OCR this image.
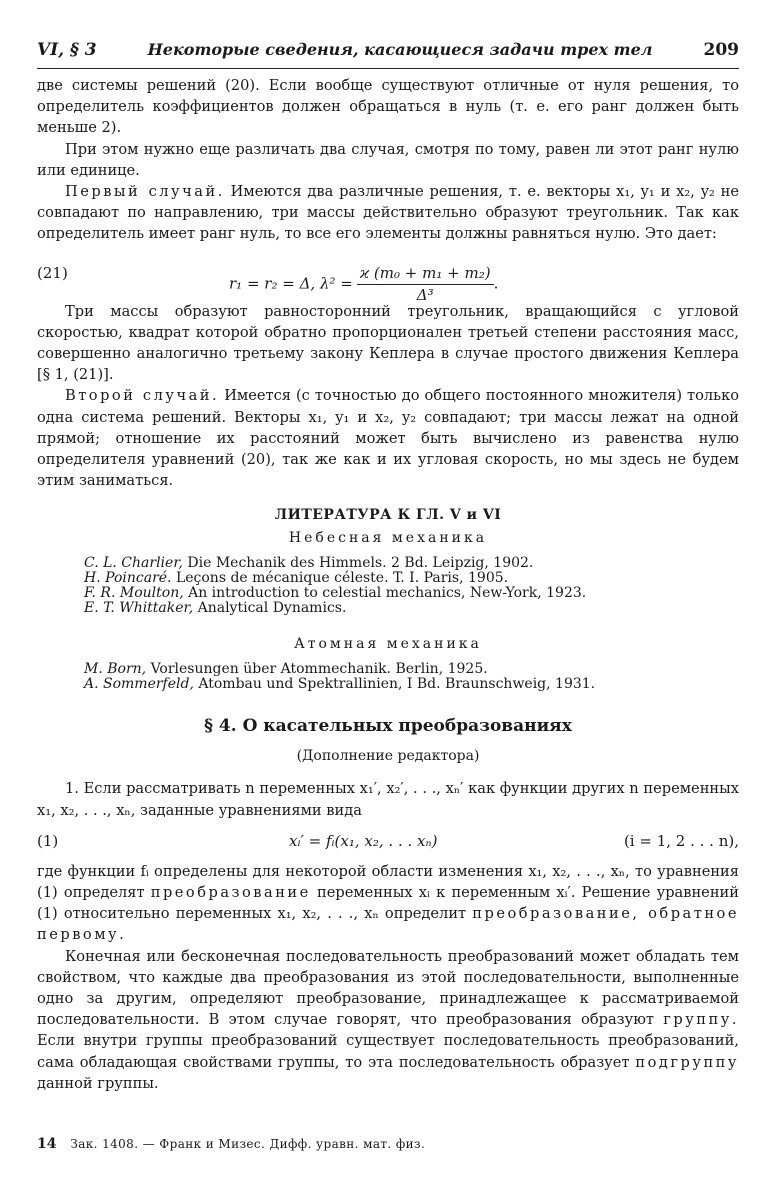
VI, § 3	Некоторые сведения, касающиеся задачи трех тел	209

две системы решений (20). Если вообще существуют отличные от нуля решения, то определитель коэффициентов должен обращаться в нуль (т. е. его ранг должен быть меньше 2).

При этом нужно еще различать два случая, смотря по тому, равен ли этот ранг нулю или единице.

Первый случай. Имеются два различные решения, т. е. векторы x₁, y₁ и x₂, y₂ не совпадают по направлению, три массы действительно образуют треугольник. Так как определитель имеет ранг нуль, то все его элементы должны равняться нулю. Это дает:

(21)
r₁ = r₂ = Δ, $\lambda^2 = \frac{\text{ϰ (m₀ + m₁ + m₂)}}{\text{Δ³}}$ .

Три массы образуют равносторонний треугольник, вращающийся с угловой скоростью, квадрат которой обратно пропорционален третьей степени расстояния масс, совершенно аналогично третьему закону Кеплера в случае простого движения Кеплера [§ 1, (21)].

Второй случай. Имеется (с точностью до общего постоянного множителя) только одна система решений. Векторы x₁, y₁ и x₂, y₂ совпадают; три массы лежат на одной прямой; отношение их расстояний может быть вычислено из равенства нулю определителя уравнений (20), так же как и их угловая скорость, но мы здесь не будем этим заниматься.

ЛИТЕРАТУРА К ГЛ. V и VI
Небесная механика
C. L. Charlier, Die Mechanik des Himmels. 2 Bd. Leipzig, 1902.
H. Poincaré. Leçons de mécanique céleste. T. I. Paris, 1905.
F. R. Moulton, An introduction to celestial mechanics, New-York, 1923.
E. T. Whittaker, Analytical Dynamics.
Атомная механика
M. Born, Vorlesungen über Atommechanik. Berlin, 1925.
A. Sommerfeld, Atombau und Spektrallinien, I Bd. Braunschweig, 1931.
§ 4. О касательных преобразованиях
(Дополнение редактора)

1. Если рассматривать n переменных x₁′, x₂′, . . ., xₙ′ как функции других n переменных x₁, x₂, . . ., xₙ, заданные уравнениями вида

(1)	xᵢ′ = fᵢ(x₁, x₂, . . . xₙ)	(i = 1, 2 . . . n),

где функции fᵢ определены для некоторой области изменения x₁, x₂, . . ., xₙ, то уравнения (1) определят преобразование переменных xᵢ к переменным xᵢ′. Решение уравнений (1) относительно переменных x₁, x₂, . . ., xₙ определит преобразование, обратное первому.

Конечная или бесконечная последовательность преобразований может обладать тем свойством, что каждые два преобразования из этой последовательности, выполненные одно за другим, определяют преобразование, принадлежащее к рассматриваемой последовательности. В этом случае говорят, что преобразования образуют группу. Если внутри группы преобразований существует последовательность преобразований, сама обладающая свойствами группы, то эта последовательность образует подгруппу данной группы.

14 Зак. 1408. — Франк и Мизес. Дифф. уравн. мат. физ.
